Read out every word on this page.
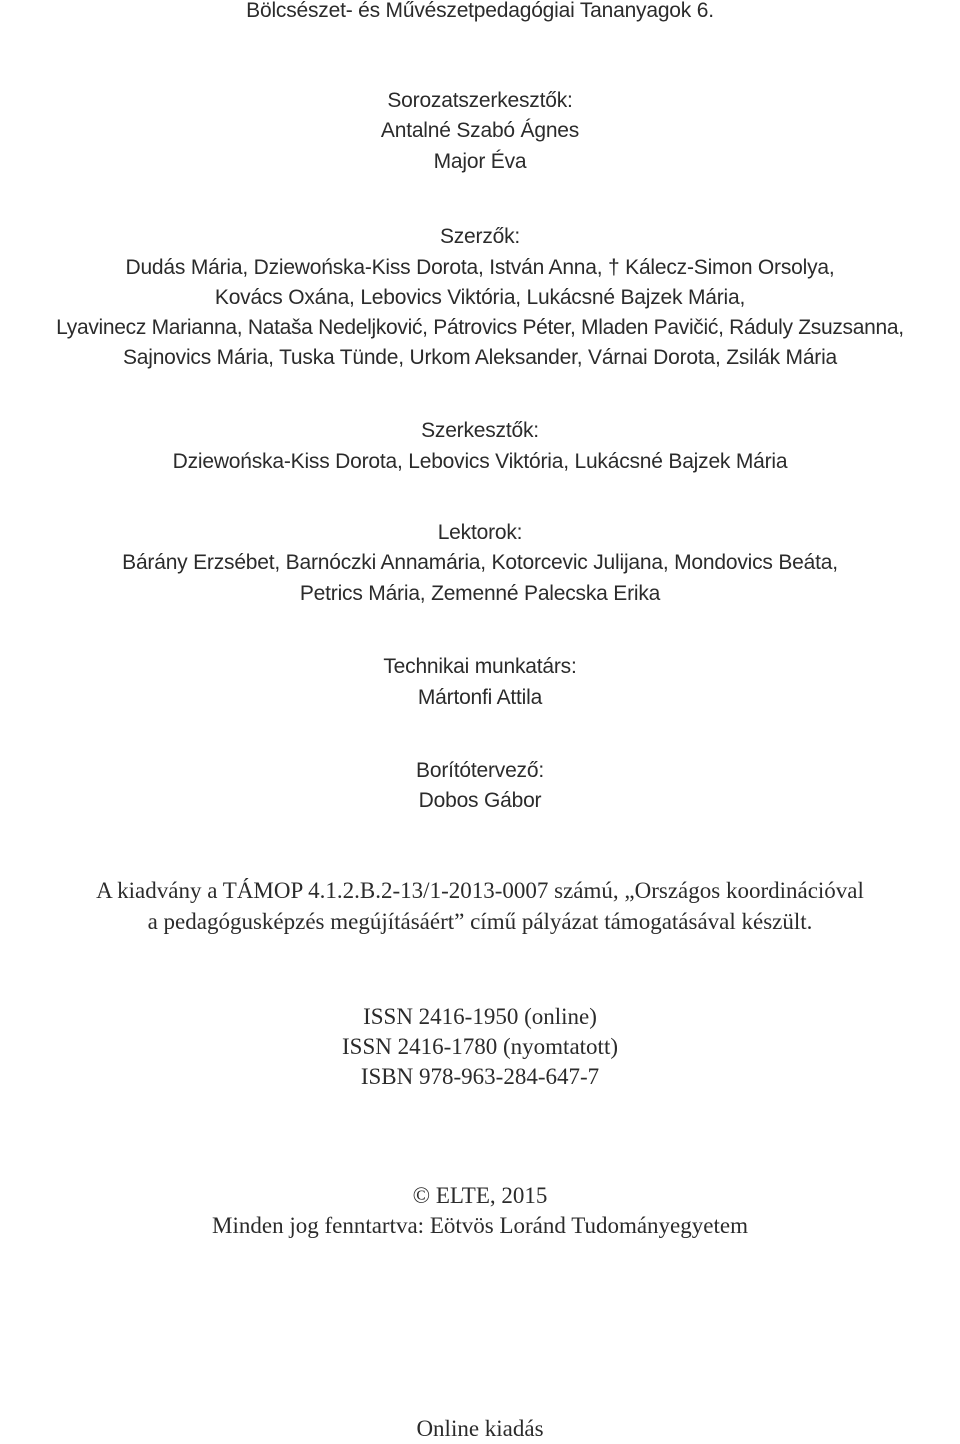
Bölcsészet- és Művészetpedagógiai Tananyagok 6.
Sorozatszerkesztők:
Antalné Szabó Ágnes
Major Éva
Szerzők:
Dudás Mária, Dziewońska-Kiss Dorota, István Anna, † Kálecz-Simon Orsolya,
Kovács Oxána, Lebovics Viktória, Lukácsné Bajzek Mária,
Lyavinecz Marianna, Nataša Nedeljković, Pátrovics Péter, Mladen Pavičić, Ráduly Zsuzsanna,
Sajnovics Mária, Tuska Tünde, Urkom Aleksander, Várnai Dorota, Zsilák Mária
Szerkesztők:
Dziewońska-Kiss Dorota, Lebovics Viktória, Lukácsné Bajzek Mária
Lektorok:
Bárány Erzsébet, Barnóczki Annamária, Kotorcevic Julijana, Mondovics Beáta,
Petrics Mária, Zemenné Palecska Erika
Technikai munkatárs:
Mártonfi Attila
Borítótervező:
Dobos Gábor
A kiadvány a TÁMOP 4.1.2.B.2-13/1-2013-0007 számú, „Országos koordinációval
a pedagógusképzés megújításáért” című pályázat támogatásával készült.
ISSN 2416-1950 (online)
ISSN 2416-1780 (nyomtatott)
ISBN 978-963-284-647-7
© ELTE, 2015
Minden jog fenntartva: Eötvös Loránd Tudományegyetem
Online kiadás
